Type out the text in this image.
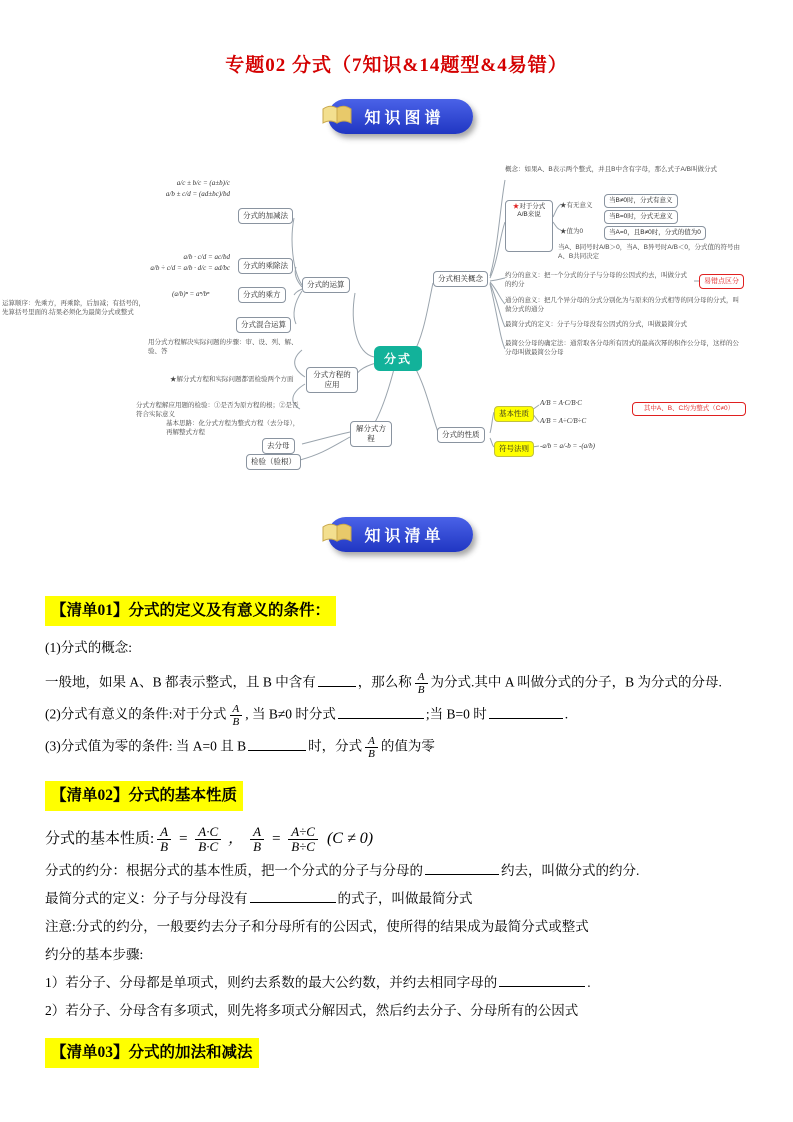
专题02 分式（7知识&14题型&4易错）
知识图谱
分式
分式的运算
分式的加减法
a/c ± b/c = (a±b)/c
a/b ± c/d = (ad±bc)/bd
分式的乘除法
a/b · c/d = ac/bd
a/b ÷ c/d = a/b · d/c = ad/bc
分式的乘方
(a/b)ⁿ = aⁿ/bⁿ
分式混合运算
运算顺序：先乘方，再乘除，后加减；有括号的，先算括号里面的.结果必须化为最简分式或整式
用分式方程解决实际问题的步骤：审、设、列、解、验、答
分式方程的应用
★解分式方程和实际问题都需检验两个方面
分式方程解应用题的检验：①是否为原方程的根；②是否符合实际意义
基本思路：化分式方程为整式方程（去分母），再解整式方程	解分式方程
去分母
检验（验根）
分式相关概念
概念：如果A、B表示两个整式，并且B中含有字母，那么式子A/B叫做分式
★对于分式A/B来说
★有无意义
当B≠0时，分式有意义
当B=0时，分式无意义
★值为0	当A=0，且B≠0时，分式的值为0
当A、B同号时A/B＞0，当A、B异号时A/B＜0，分式值的符号由A、B共同决定
约分的意义：把一个分式的分子与分母的公因式约去，叫做分式的约分	易错点区分
通分的意义：把几个异分母的分式分别化为与原来的分式相等的同分母的分式，叫做分式的通分
最简分式的定义：分子与分母没有公因式的分式，叫做最简分式
最简公分母的确定法：通常取各分母所有因式的最高次幂的积作公分母，这样的公分母叫做最简公分母
分式的性质
基本性质
A/B = A·C/B·C
A/B = A÷C/B÷C
其中A、B、C均为整式（C≠0）
符号法则	-a/b = a/-b = -(a/b)
知识清单
【清单01】分式的定义及有意义的条件：

(1)分式的概念:

一般地，如果 A、B 都表示整式，且 B 中含有	，那么称 $\frac{A}{B}$ 为分式.其中 A 叫做分式的分子，B 为分式的分母.

(2)分式有意义的条件:对于分式 $\frac{A}{B}$ , 当 B≠0 时分式	;当 B=0 时	.

(3)分式值为零的条件: 当 A=0 且 B	时，分式 $\frac{A}{B}$ 的值为零

【清单02】分式的基本性质

分式的基本性质: $\frac{A}{B} = \frac{A\cdot C}{B\cdot C}$ ， $\frac{A}{B} = \frac{A\div C}{B\div C} (C \ne 0)$

分式的约分：根据分式的基本性质，把一个分式的分子与分母的	约去，叫做分式的约分.

最简分式的定义：分子与分母没有	的式子，叫做最简分式

注意:分式的约分，一般要约去分子和分母所有的公因式，使所得的结果成为最简分式或整式

约分的基本步骤:

1）若分子、分母都是单项式，则约去系数的最大公约数，并约去相同字母的	.

2）若分子、分母含有多项式，则先将多项式分解因式，然后约去分子、分母所有的公因式

【清单03】分式的加法和减法
